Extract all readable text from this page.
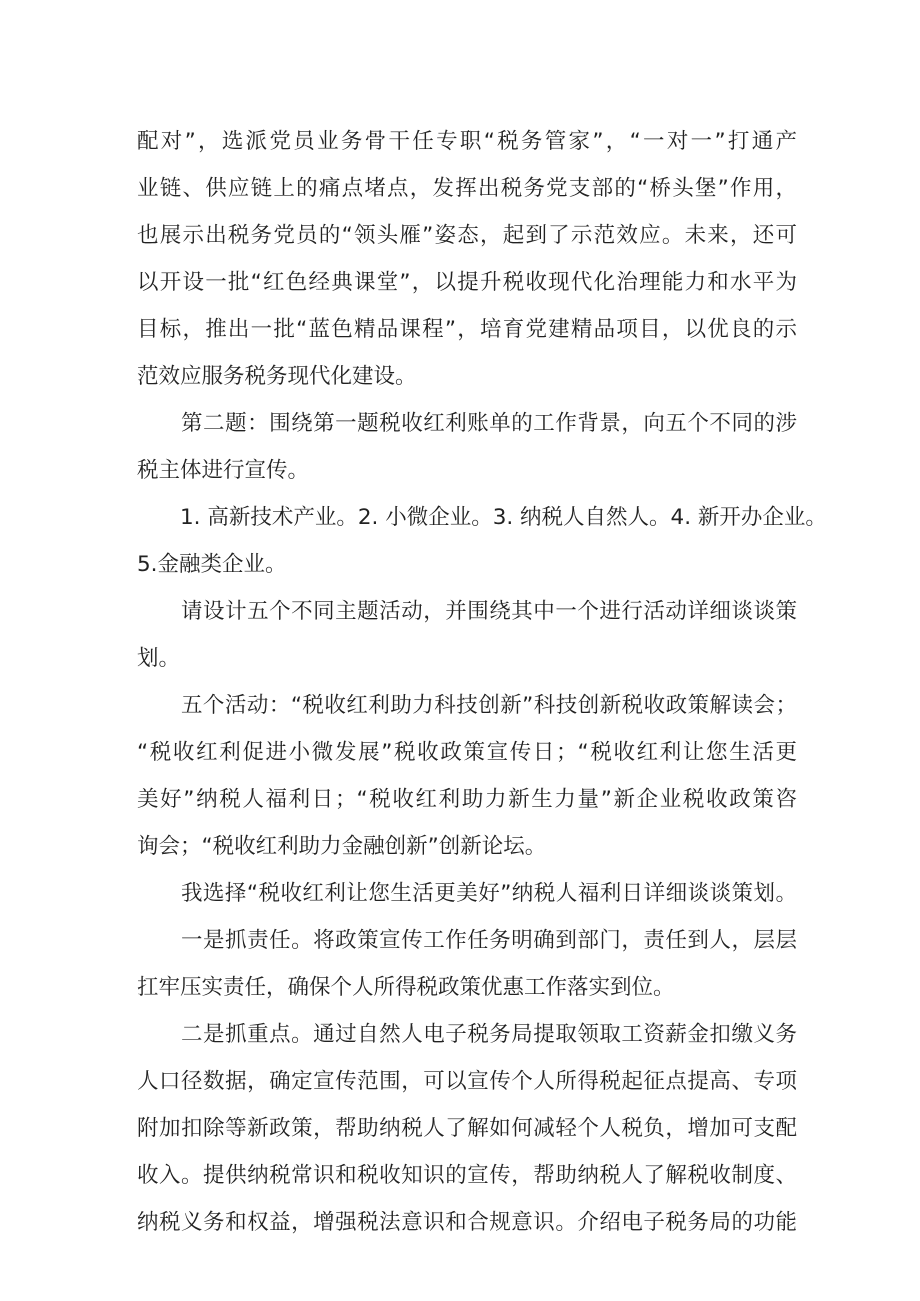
配对”，选派党员业务骨干任专职“税务管家”，“一对一”打通产
业链、供应链上的痛点堵点，发挥出税务党支部的“桥头堡”作用，
也展示出税务党员的“领头雁”姿态，起到了示范效应。未来，还可
以开设一批“红色经典课堂”，以提升税收现代化治理能力和水平为
目标，推出一批“蓝色精品课程”，培育党建精品项目，以优良的示
范效应服务税务现代化建设。
　　第二题：围绕第一题税收红利账单的工作背景，向五个不同的涉
税主体进行宣传。
　　1. 高新技术产业。2. 小微企业。3. 纳税人自然人。4. 新开办企业。
5.金融类企业。
　　请设计五个不同主题活动，并围绕其中一个进行活动详细谈谈策
划。
　　五个活动：“税收红利助力科技创新”科技创新税收政策解读会；
“税收红利促进小微发展”税收政策宣传日；“税收红利让您生活更
美好”纳税人福利日；“税收红利助力新生力量”新企业税收政策咨
询会；“税收红利助力金融创新”创新论坛。
　　我选择“税收红利让您生活更美好”纳税人福利日详细谈谈策划。
　　一是抓责任。将政策宣传工作任务明确到部门，责任到人，层层
扛牢压实责任，确保个人所得税政策优惠工作落实到位。
　　二是抓重点。通过自然人电子税务局提取领取工资薪金扣缴义务
人口径数据，确定宣传范围，可以宣传个人所得税起征点提高、专项
附加扣除等新政策，帮助纳税人了解如何减轻个人税负，增加可支配
收入。提供纳税常识和税收知识的宣传，帮助纳税人了解税收制度、
纳税义务和权益，增强税法意识和合规意识。介绍电子税务局的功能
